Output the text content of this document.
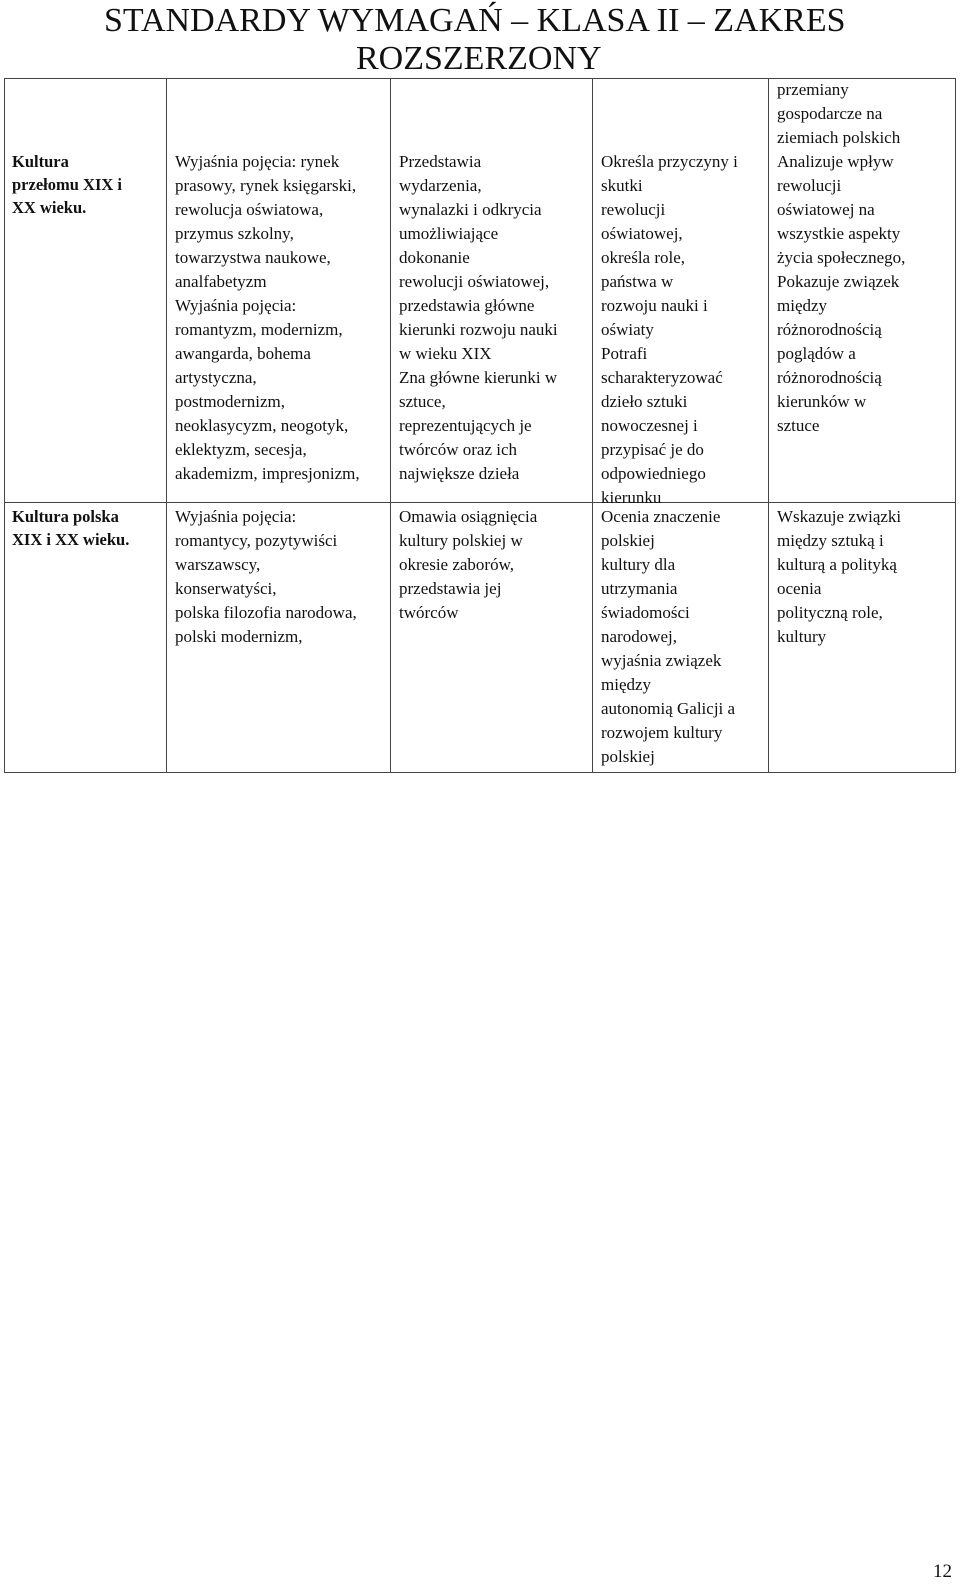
STANDARDY WYMAGAŃ – KLASA II – ZAKRES
ROZSZERZONY
przemiany
gospodarcze na
ziemiach polskich
Kultura
przełomu XIX i
XX wieku.
Wyjaśnia pojęcia: rynek
prasowy, rynek księgarski,
rewolucja oświatowa,
przymus szkolny,
towarzystwa naukowe,
analfabetyzm
Wyjaśnia pojęcia:
romantyzm, modernizm,
awangarda, bohema
artystyczna,
postmodernizm,
neoklasycyzm, neogotyk,
eklektyzm, secesja,
akademizm, impresjonizm,
Przedstawia
wydarzenia,
wynalazki i odkrycia
umożliwiające
dokonanie
rewolucji oświatowej,
przedstawia główne
kierunki rozwoju nauki
w wieku XIX
Zna główne kierunki w
sztuce,
reprezentujących je
twórców oraz ich
największe dzieła
Określa przyczyny i
skutki
rewolucji
oświatowej,
określa role,
państwa w
rozwoju nauki i
oświaty
Potrafi
scharakteryzować
dzieło sztuki
nowoczesnej i
przypisać je do
odpowiedniego
kierunku
Analizuje wpływ
rewolucji
oświatowej na
wszystkie aspekty
życia społecznego,
Pokazuje związek
między
różnorodnością
poglądów a
różnorodnością
kierunków w
sztuce
Kultura polska
XIX i XX wieku.
Wyjaśnia pojęcia:
romantycy, pozytywiści
warszawscy,
konserwatyści,
polska filozofia narodowa,
polski modernizm,
Omawia osiągnięcia
kultury polskiej w
okresie zaborów,
przedstawia jej
twórców
Ocenia znaczenie
polskiej
kultury dla
utrzymania
świadomości
narodowej,
wyjaśnia związek
między
autonomią Galicji a
rozwojem kultury
polskiej
Wskazuje związki
między sztuką i
kulturą a polityką
ocenia
polityczną role,
kultury
12
